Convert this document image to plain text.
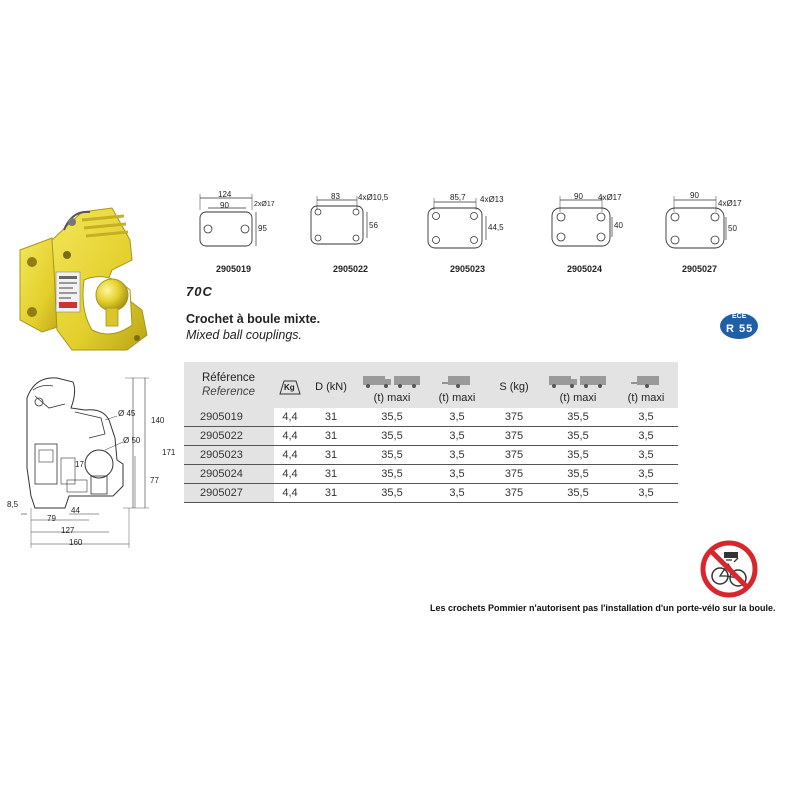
124
90	2xØ17
95
2905019
83 4xØ10,5
56
2905022
85,7 4xØ13
44,5
2905023
90 4xØ17
40
2905024
90
4xØ17
50
2905027
70C
Crochet à boule mixte.
Mixed ball couplings.
ECE
R 55
Référence
Reference	Kg	D (kN)	(t) maxi	(t) maxi	S (kg)	(t) maxi	(t) maxi

2905019	4,4	31	35,5	3,5	375	35,5	3,5
2905022	4,4	31	35,5	3,5	375	35,5	3,5
2905023	4,4	31	35,5	3,5	375	35,5	3,5
2905024	4,4	31	35,5	3,5	375	35,5	3,5
2905027	4,4	31	35,5	3,5	375	35,5	3,5
Ø 45
Ø 50
140
171
77
17
8,5
79
44
127
160
Les crochets Pommier n'autorisent pas l'installation d'un porte-vélo sur la boule.
